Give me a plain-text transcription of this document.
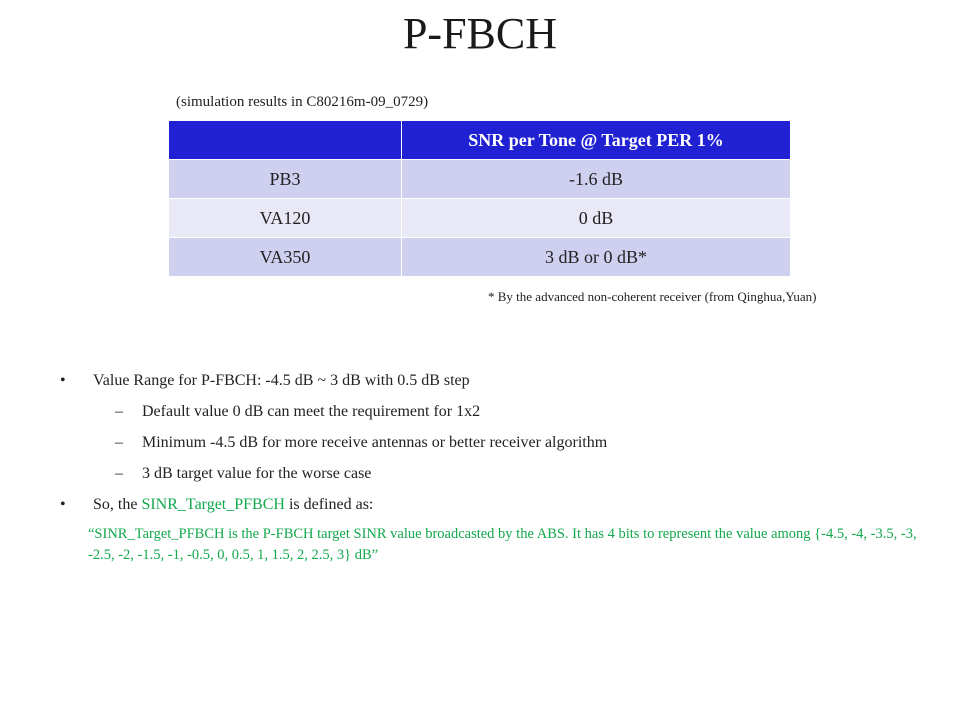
P-FBCH
(simulation results in C80216m-09_0729)
	SNR per Tone @ Target PER 1%
PB3	-1.6 dB
VA120	0 dB
VA350	3 dB or 0 dB*
* By the advanced non-coherent receiver (from Qinghua,Yuan)
• Value Range for P-FBCH: -4.5 dB ~ 3 dB with 0.5 dB step
– Default value 0 dB can meet the requirement for 1x2
– Minimum -4.5 dB for more receive antennas or better receiver algorithm
– 3 dB target value for the worse case
• So, the SINR_Target_PFBCH is defined as:
“SINR_Target_PFBCH is the P-FBCH target SINR value broadcasted by the ABS. It has 4 bits to represent the value among {-4.5, -4, -3.5, -3, -2.5, -2, -1.5, -1, -0.5, 0, 0.5, 1, 1.5, 2, 2.5, 3} dB”
